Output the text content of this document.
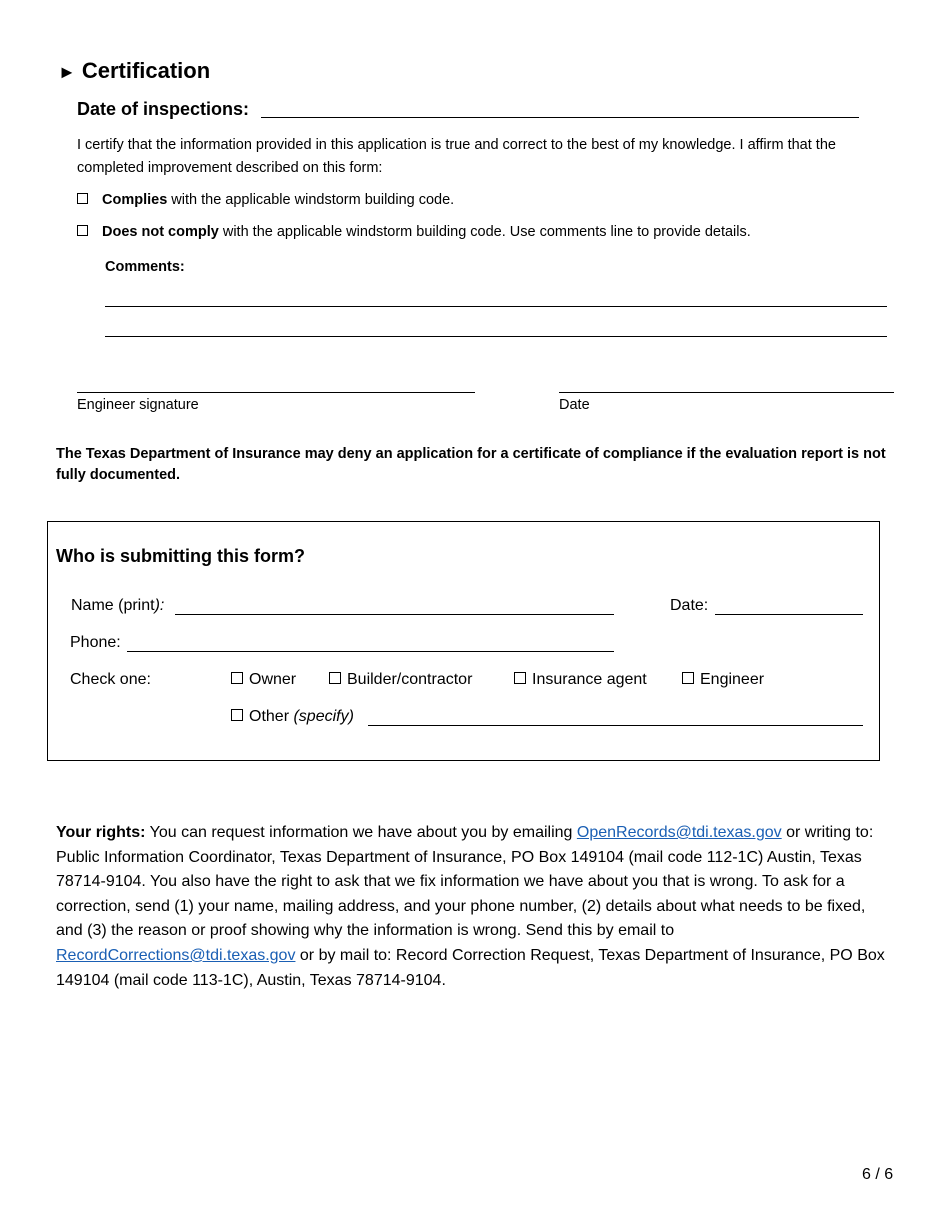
► Certification
Date of inspections:
I certify that the information provided in this application is true and correct to the best of my knowledge. I affirm that the completed improvement described on this form:
Complies with the applicable windstorm building code.
Does not comply with the applicable windstorm building code. Use comments line to provide details.
Comments:
Engineer signature	Date
The Texas Department of Insurance may deny an application for a certificate of compliance if the evaluation report is not fully documented.
Who is submitting this form?
Name (print):	Date:
Phone:
Check one:	Owner	Builder/contractor	Insurance agent	Engineer
Other (specify)
Your rights: You can request information we have about you by emailing OpenRecords@tdi.texas.gov or writing to: Public Information Coordinator, Texas Department of Insurance, PO Box 149104 (mail code 112-1C) Austin, Texas 78714-9104. You also have the right to ask that we fix information we have about you that is wrong. To ask for a correction, send (1) your name, mailing address, and your phone number, (2) details about what needs to be fixed, and (3) the reason or proof showing why the information is wrong. Send this by email to RecordCorrections@tdi.texas.gov or by mail to: Record Correction Request, Texas Department of Insurance, PO Box 149104 (mail code 113-1C), Austin, Texas 78714-9104.
6 / 6
